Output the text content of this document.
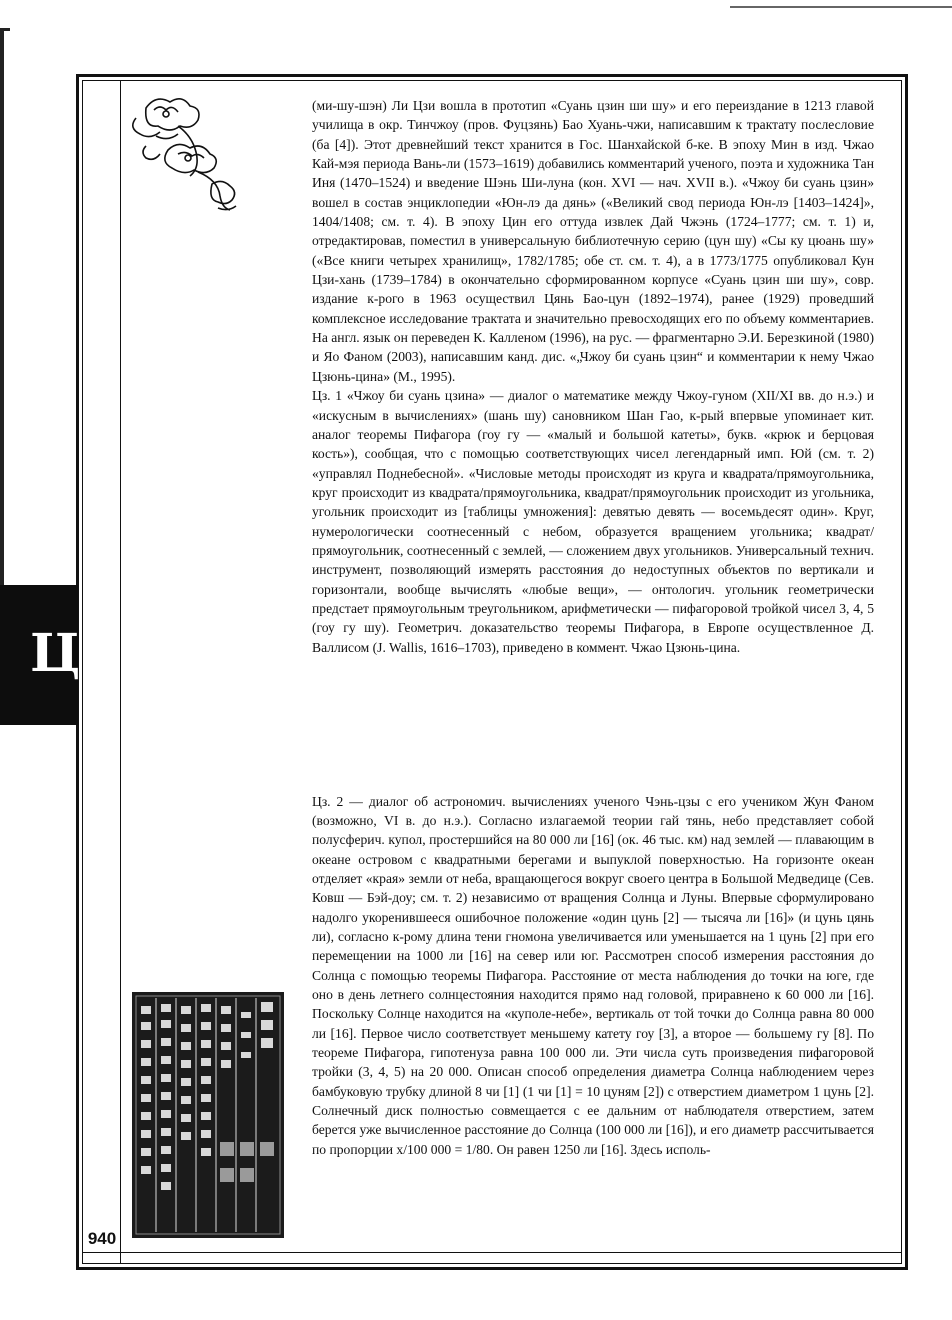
Ц
940

(ми-шу-шэн) Ли Цзи вошла в прототип «Суань цзин ши шу» и его переиздание в 1213 главой училища в окр. Тинчжоу (пров. Фуцзянь) Бао Хуань-чжи, написавшим к трактату послесловие (ба [4]). Этот древнейший текст хранится в Гос. Шанхайской б-ке. В эпоху Мин в изд. Чжао Кай-мэя периода Вань-ли (1573–1619) добавились комментарий ученого, поэта и художника Тан Иня (1470–1524) и введение Шэнь Ши-луна (кон. XVI — нач. XVII в.). «Чжоу би суань цзин» вошел в состав энциклопедии «Юн-лэ да дянь» («Великий свод периода Юн-лэ [1403–1424]», 1404/1408; см. т. 4). В эпоху Цин его оттуда извлек Дай Чжэнь (1724–1777; см. т. 1) и, отредактировав, поместил в универсальную библиотечную серию (цун шу) «Сы ку цюань шу» («Все книги четырех хранилищ», 1782/1785; обе ст. см. т. 4), а в 1773/1775 опубликовал Кун Цзи-хань (1739–1784) в окончательно сформированном корпусе «Суань цзин ши шу», совр. издание к-рого в 1963 осуществил Цянь Бао-цун (1892–1974), ранее (1929) проведший комплексное исследование трактата и значительно превосходящих его по объему комментариев. На англ. язык он переведен К. Калленом (1996), на рус. — фрагментарно Э.И. Березкиной (1980) и Яо Фаном (2003), написавшим канд. дис. «„Чжоу би суань цзин“ и комментарии к нему Чжао Цзюнь-цина» (М., 1995).

Цз. 1 «Чжоу би суань цзина» — диалог о математике между Чжоу-гуном (XII/XI вв. до н.э.) и «искусным в вычислениях» (шань шу) сановником Шан Гао, к-рый впервые упоминает кит. аналог теоремы Пифагора (гоу гу — «малый и большой катеты», букв. «крюк и берцовая кость»), сообщая, что с помощью соответствующих чисел легендарный имп. Юй (см. т. 2) «управлял Поднебесной». «Числовые методы происходят из круга и квадрата/прямоугольника, круг происходит из квадрата/прямоугольника, квадрат/прямоугольник происходит из угольника, угольник происходит из [таблицы умножения]: девятью девять — восемьдесят один». Круг, нумерологически соотнесенный с небом, образуется вращением угольника; квадрат/прямоугольник, соотнесенный с землей, — сложением двух угольников. Универсальный технич. инструмент, позволяющий измерять расстояния до недоступных объектов по вертикали и горизонтали, вообще вычислять «любые вещи», — онтологич. угольник геометрически предстает прямоугольным треугольником, арифметически — пифагоровой тройкой чисел 3, 4, 5 (гоу гу шу). Геометрич. доказательство теоремы Пифагора, в Европе осуществленное Д. Валлисом (J. Wallis, 1616–1703), приведено в коммент. Чжао Цзюнь-цина.

Цз. 2 — диалог об астрономич. вычислениях ученого Чэнь-цзы с его учеником Жун Фаном (возможно, VI в. до н.э.). Согласно излагаемой теории гай тянь, небо представляет собой полусферич. купол, простершийся на 80 000 ли [16] (ок. 46 тыс. км) над землей — плавающим в океане островом с квадратными берегами и выпуклой поверхностью. На горизонте океан отделяет «края» земли от неба, вращающегося вокруг своего центра в Большой Медведице (Сев. Ковш — Бэй-доу; см. т. 2) независимо от вращения Солнца и Луны. Впервые сформулировано надолго укоренившееся ошибочное положение «один цунь [2] — тысяча ли [16]» (и цунь цянь ли), согласно к-рому длина тени гномона увеличивается или уменьшается на 1 цунь [2] при его перемещении на 1000 ли [16] на север или юг. Рассмотрен способ измерения расстояния до Солнца с помощью теоремы Пифагора. Расстояние от места наблюдения до точки на юге, где оно в день летнего солнцестояния находится прямо над головой, приравнено к 60 000 ли [16]. Поскольку Солнце находится на «куполе-небе», вертикаль от той точки до Солнца равна 80 000 ли [16]. Первое число соответствует меньшему катету гоу [3], а второе — большему гу [8]. По теореме Пифагора, гипотенуза равна 100 000 ли. Эти числа суть произведения пифагоровой тройки (3, 4, 5) на 20 000. Описан способ определения диаметра Солнца наблюдением через бамбуковую трубку длиной 8 чи [1] (1 чи [1] = 10 цуням [2]) с отверстием диаметром 1 цунь [2]. Солнечный диск полностью совмещается с ее дальним от наблюдателя отверстием, затем берется уже вычисленное расстояние до Солнца (100 000 ли [16]), и его диаметр рассчитывается по пропорции x/100 000 = 1/80. Он равен 1250 ли [16]. Здесь исполь-
